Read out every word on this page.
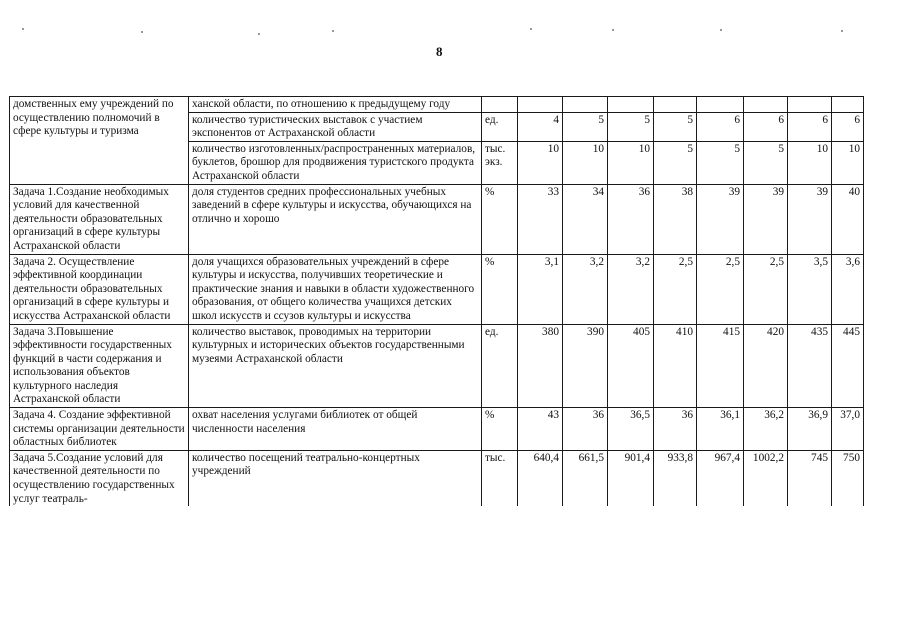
8
домственных ему учреждений по осуществлению полномочий в сфере культуры и туризма	ханской области, по отношению к предыдущему году									
	количество туристических выставок с участием экспонентов от Астраханской области	ед.	4	5	5	5	6	6	6	6
	количество изготовленных/распространенных материалов, буклетов, брошюр для продвижения туристского продукта Астраханской области	тыс. экз.	10	10	10	5	5	5	10	10
Задача 1.Создание необходимых условий для качественной деятельности образовательных организаций в сфере культуры Астраханской области	доля студентов средних профессиональных учебных заведений в сфере культуры и искусства, обучающихся на отлично и хорошо	%	33	34	36	38	39	39	39	40
Задача 2. Осуществление эффективной координации деятельности образовательных организаций в сфере культуры и искусства Астраханской области	доля учащихся образовательных учреждений в сфере культуры и искусства, получивших теоретические и практические знания и навыки в области художественного образования, от общего количества учащихся детских школ искусств и ссузов культуры и искусства	%	3,1	3,2	3,2	2,5	2,5	2,5	3,5	3,6
Задача 3.Повышение эффективности государственных функций в части содержания и использования объектов культурного наследия Астраханской области	количество выставок, проводимых на территории культурных и исторических объектов государственными музеями Астраханской области	ед.	380	390	405	410	415	420	435	445
Задача 4. Создание эффективной системы организации деятельности областных библиотек	охват населения услугами библиотек от общей численности населения	%	43	36	36,5	36	36,1	36,2	36,9	37,0
Задача 5.Создание условий для качественной деятельности по осуществлению государственных услуг театраль-	количество посещений театрально-концертных учреждений	тыс.	640,4	661,5	901,4	933,8	967,4	1002,2	745	750
